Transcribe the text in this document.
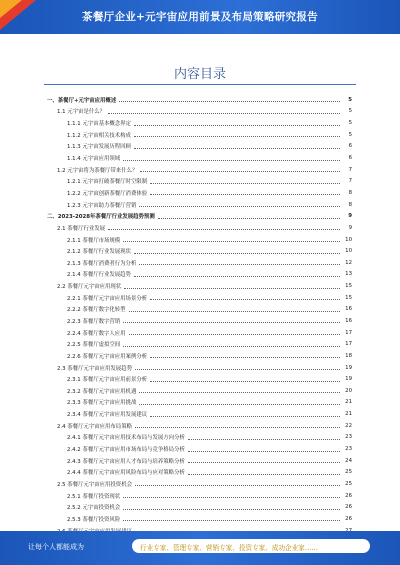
茶餐厅企业+元宇宙应用前景及布局策略研究报告
内容目录
一、茶餐厅+元宇宙应用概述	5
1.1 元宇宙是什么？	5
1.1.1 元宇宙基本概念界定	5
1.1.2 元宇宙相关技术构成	5
1.1.3 元宇宙发展历程回顾	6
1.1.4 元宇宙应用领域	6
1.2 元宇宙将为茶餐厅带来什么？	7
1.2.1 元宇宙打破茶餐厅时空限制	7
1.2.2 元宇宙创新茶餐厅消费体验	8
1.2.3 元宇宙助力茶餐厅营销	8
二、2023-2028年茶餐厅行业发展趋势预测	9
2.1 茶餐厅行业发展	9
2.1.1 茶餐厅市场规模	10
2.1.2 茶餐厅行业发展现状	10
2.1.3 茶餐厅消费者行为分析	12
2.1.4 茶餐厅行业发展趋势	13
2.2 茶餐厅元宇宙应用现状	15
2.2.1 茶餐厅元宇宙应用场景分析	15
2.2.2 茶餐厅数字化转型	16
2.2.3 茶餐厅数字营销	16
2.2.4 茶餐厅数字人应用	17
2.2.5 茶餐厅虚拟空间	17
2.2.6 茶餐厅元宇宙应用案例分析	18
2.3 茶餐厅元宇宙应用发展趋势	19
2.3.1 茶餐厅元宇宙应用前景分析	19
2.3.2 茶餐厅元宇宙应用机遇	20
2.3.3 茶餐厅元宇宙应用挑战	21
2.3.4 茶餐厅元宇宙应用发展建议	21
2.4 茶餐厅元宇宙应用布局策略	22
2.4.1 茶餐厅元宇宙应用技术布局与发展方向分析	23
2.4.2 茶餐厅元宇宙应用市场布局与竞争格局分析	23
2.4.3 茶餐厅元宇宙应用人才布局与培养策略分析	24
2.4.4 茶餐厅元宇宙应用风险布局与应对策略分析	25
2.5 茶餐厅元宇宙应用投资机会	25
2.5.1 茶餐厅投资现状	26
2.5.2 元宇宙投资机会	26
2.5.3 茶餐厅投资风险	26
让每个人都能成为	行业专家、管理专家、营销专家、投资专家、成功企业家……
